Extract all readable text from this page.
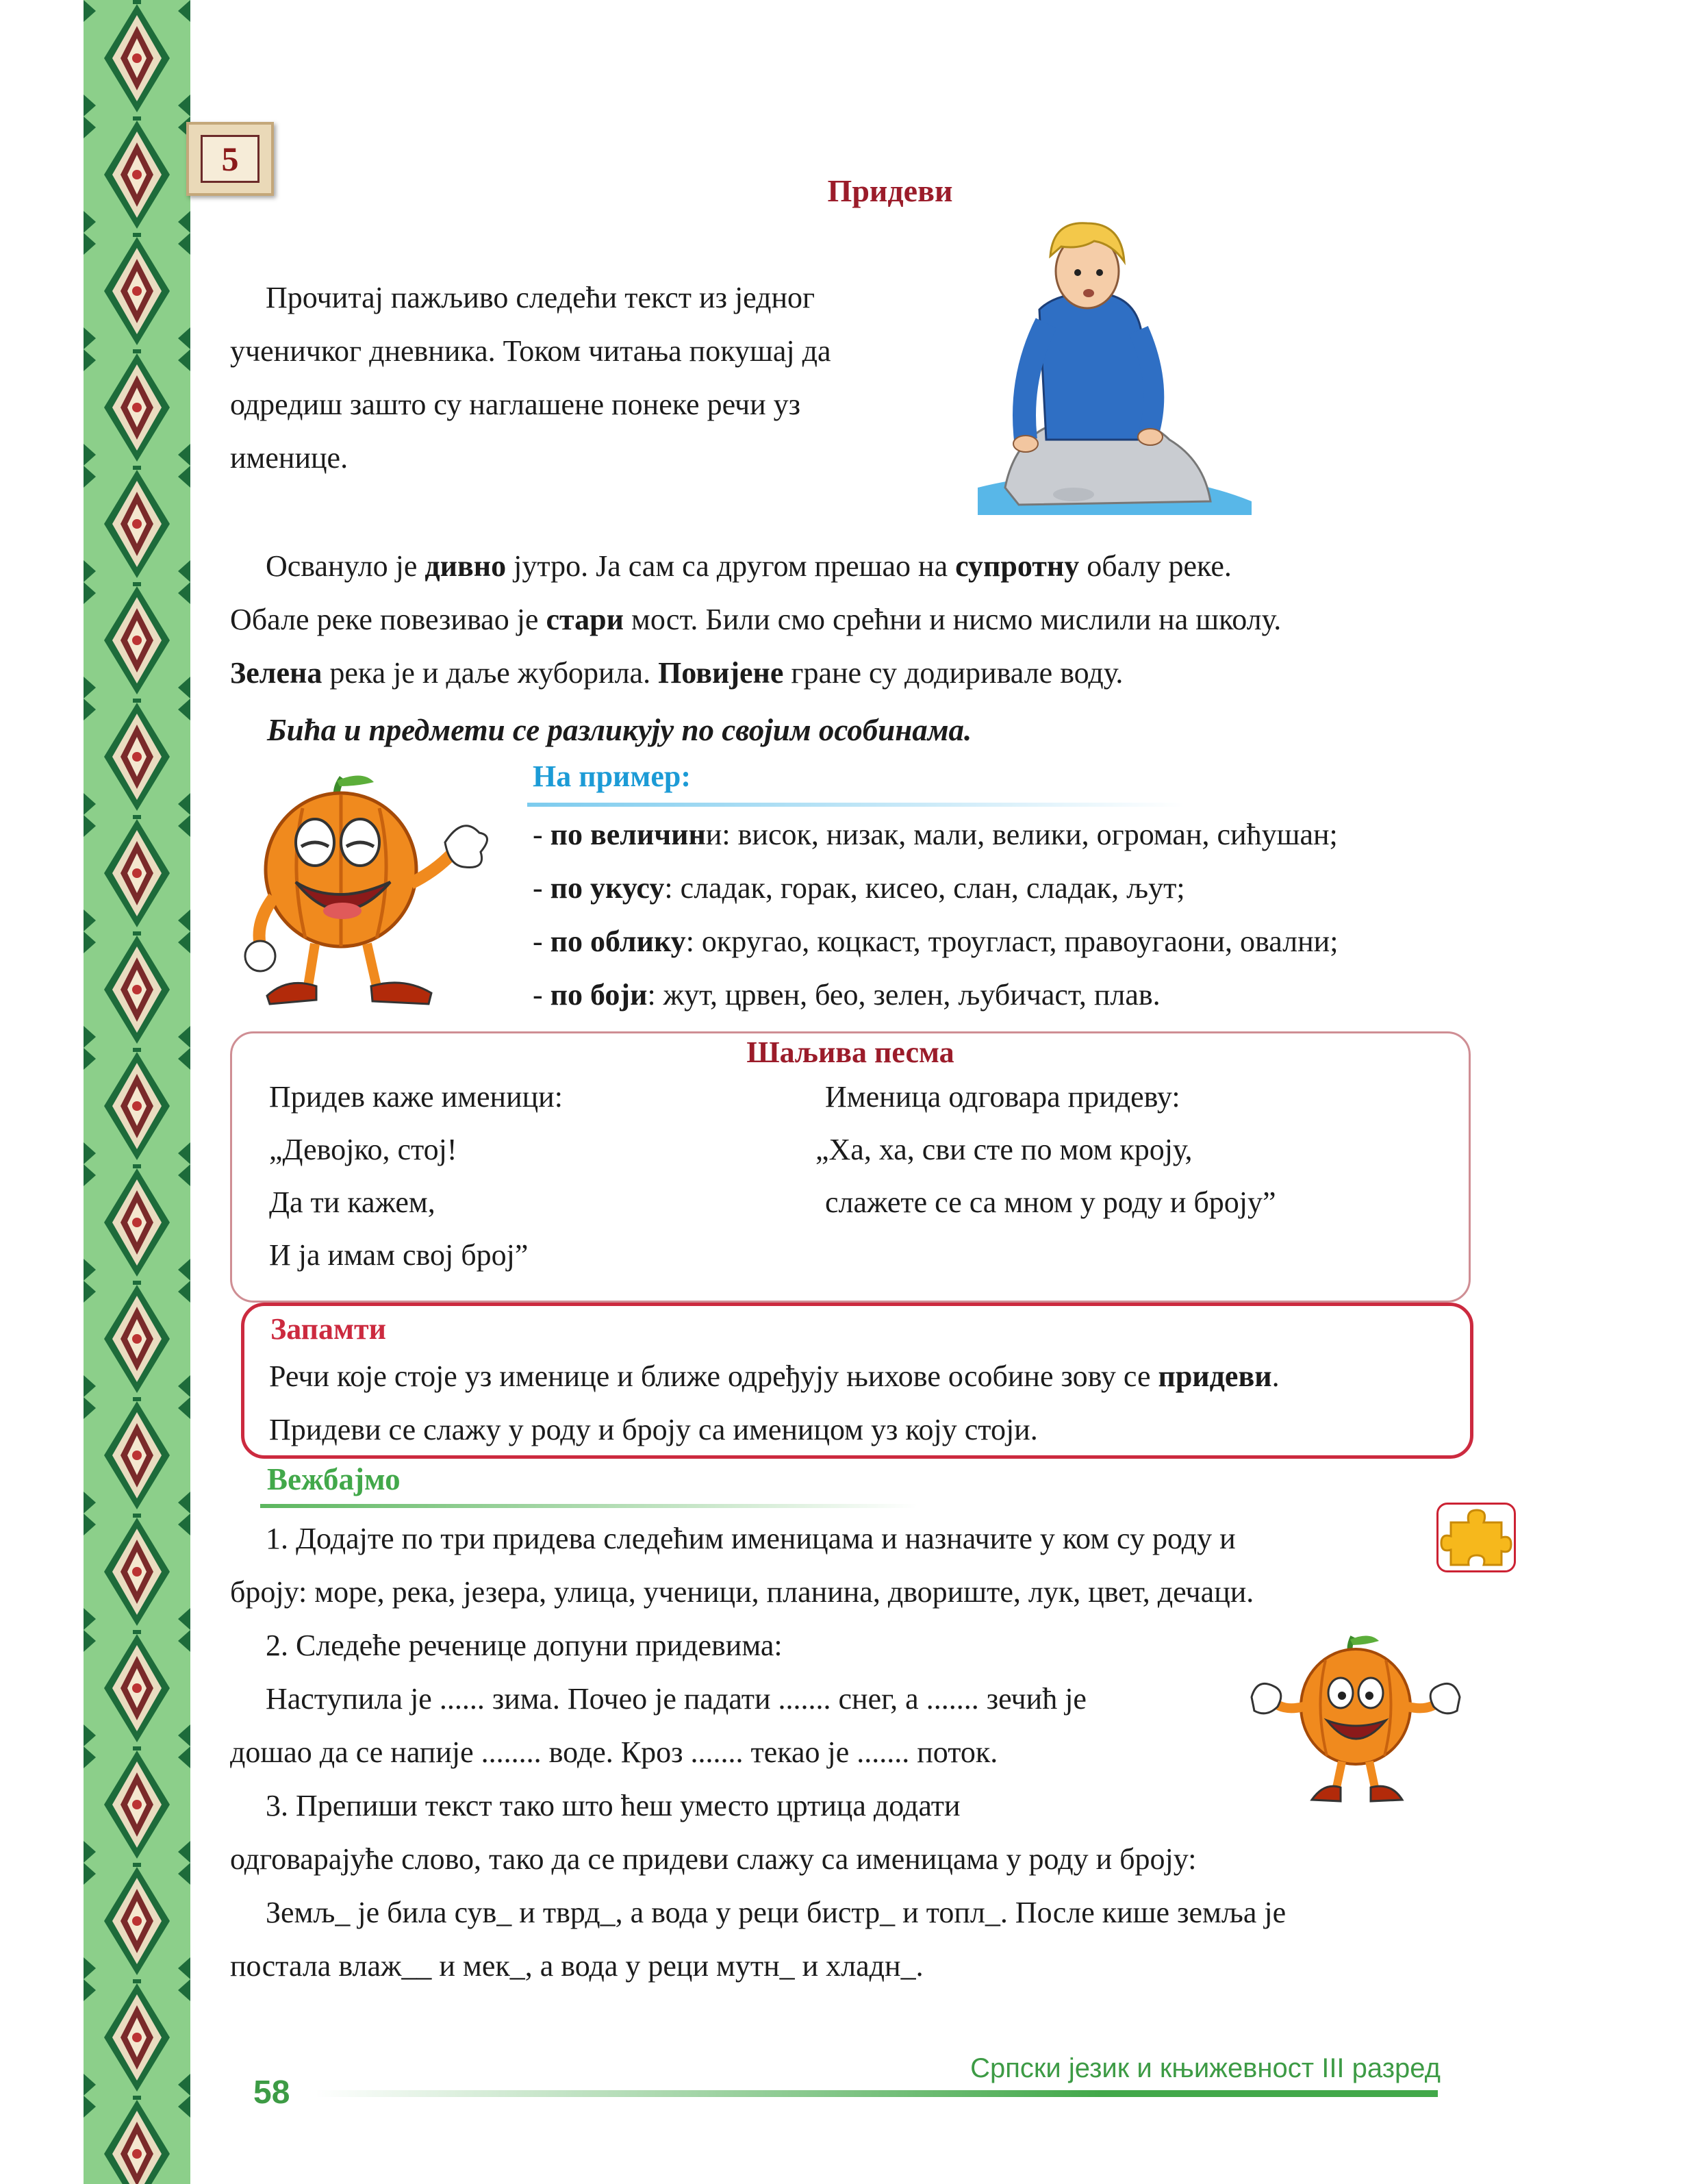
5
Придеви
Прочитај пажљиво следећи текст из једног
ученичког дневника. Током читања покушај да
одредиш зашто су наглашене понеке речи уз
именице.
Освануло је дивно јутро. Ја сам са другом прешао на супротну обалу реке.
Обале реке повезивао је стари мост. Били смо срећни и нисмо мислили на школу.
Зелена река је и даље жуборила. Повијене гране су додиривале воду.
Бића и предмети се разликују по својим особинама.
На пример:
- по величини: висок, низак, мали, велики, огроман, сићушан;
- по укусу: сладак, горак, кисео, слан, сладак, љут;
- по облику: округао, коцкаст, троугласт, правоугаони, овални;
- по боји: жут, црвен, бео, зелен, љубичаст, плав.
Шаљива песма
Придев каже именици:
„Девојко, стој!
Да ти кажем,
И ја имам свој број”
Именица одговара придеву:
„Ха, ха, сви сте по мом кроју,
слажете се са мном у роду и броју”
Запамти
Речи које стоје уз именице и ближе одређују њихове особине зову се придеви.
Придеви се слажу у роду и броју са именицом уз коју стоји.
Вежбајмо
1. Додајте по три придева следећим именицама и назначите у ком су роду и
броју: море, река, језера, улица, ученици, планина, двориште, лук, цвет, дечаци.
2. Следеће реченице допуни придевима:
Наступила је ...... зима. Почео је падати ....... снег, а ....... зечић је
дошао да се напије ........ воде. Кроз ....... текао је ....... поток.
3. Препиши текст тако што ћеш уместо цртица додати
одговарајуће слово, тако да се придеви слажу са именицама у роду и броју:
Земљ_ је била сув_ и тврд_, а вода у реци бистр_ и топл_. После кише земља је
постала влаж__ и мек_, а вода у реци мутн_ и хладн_.
58
Српски језик и књижевност III разред
